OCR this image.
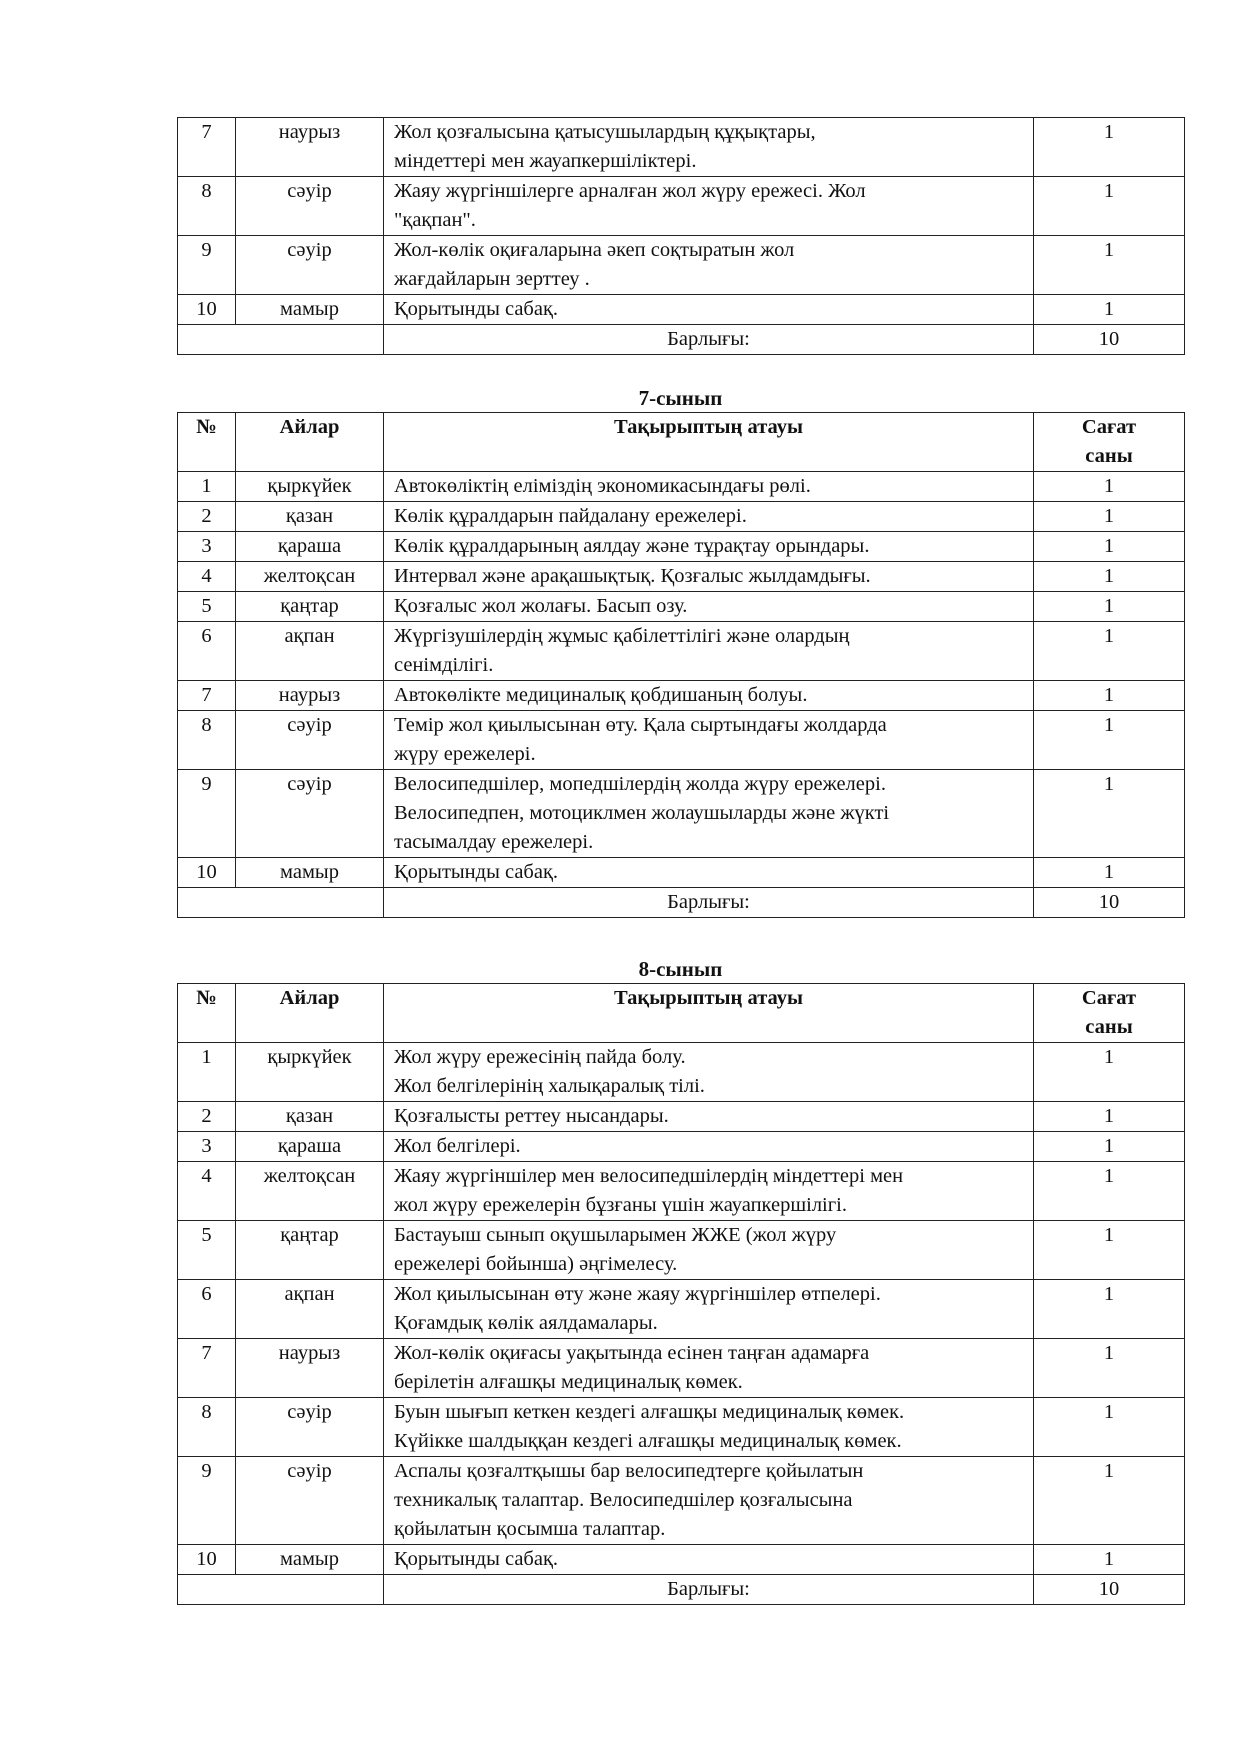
7	наурыз	Жол қозғалысына қатысушылардың құқықтары,
міндеттері мен жауапкершіліктері.	1
8	сәуір	Жаяу жүргіншілерге арналған жол жүру ережесі. Жол
"қақпан".	1
9	сәуір	Жол-көлік оқиғаларына әкеп соқтыратын жол
жағдайларын зерттеу .	1
10	мамыр	Қорытынды сабақ.	1
		Барлығы:	10
7-сынып
№	Айлар	Тақырыптың атауы	Сағат
саны

1	қыркүйек	Автокөліктің еліміздің экономикасындағы рөлі.	1
2	қазан	Көлік құралдарын пайдалану ережелері.	1
3	қараша	Көлік құралдарының аялдау және тұрақтау орындары.	1
4	желтоқсан	Интервал және арақашықтық. Қозғалыс жылдамдығы.	1
5	қаңтар	Қозғалыс жол жолағы. Басып озу.	1
6	ақпан	Жүргізушілердің жұмыс қабілеттілігі және олардың
сенімділігі.	1
7	наурыз	Автокөлікте медициналық қобдишаның болуы.	1
8	сәуір	Темір жол қиылысынан өту. Қала сыртындағы жолдарда
жүру ережелері.	1
9	сәуір	Велосипедшілер, мопедшілердің жолда жүру ережелері.
Велосипедпен, мотоциклмен жолаушыларды және жүкті
тасымалдау ережелері.	1
10	мамыр	Қорытынды сабақ.	1
		Барлығы:	10
8-сынып
№	Айлар	Тақырыптың атауы	Сағат
саны

1	қыркүйек	Жол жүру ережесінің пайда болу.
Жол белгілерінің халықаралық тілі.	1
2	қазан	Қозғалысты реттеу нысандары.	1
3	қараша	Жол белгілері.	1
4	желтоқсан	Жаяу жүргіншілер мен велосипедшілердің міндеттері мен
жол жүру ережелерін бұзғаны үшін жауапкершілігі.	1
5	қаңтар	Бастауыш сынып оқушыларымен ЖЖЕ (жол жүру
ережелері бойынша) әңгімелесу.	1
6	ақпан	Жол қиылысынан өту және жаяу жүргіншілер өтпелері.
Қоғамдық көлік аялдамалары.	1
7	наурыз	Жол-көлік оқиғасы уақытында есінен таңған адамарға
берілетін алғашқы медициналық көмек.	1
8	сәуір	Буын шығып кеткен кездегі алғашқы медициналық көмек.
Күйікке шалдыққан кездегі алғашқы медициналық көмек.	1
9	сәуір	Аспалы қозғалтқышы бар велосипедтерге қойылатын
техникалық талаптар. Велосипедшілер қозғалысына
қойылатын қосымша талаптар.	1
10	мамыр	Қорытынды сабақ.	1
		Барлығы:	10
